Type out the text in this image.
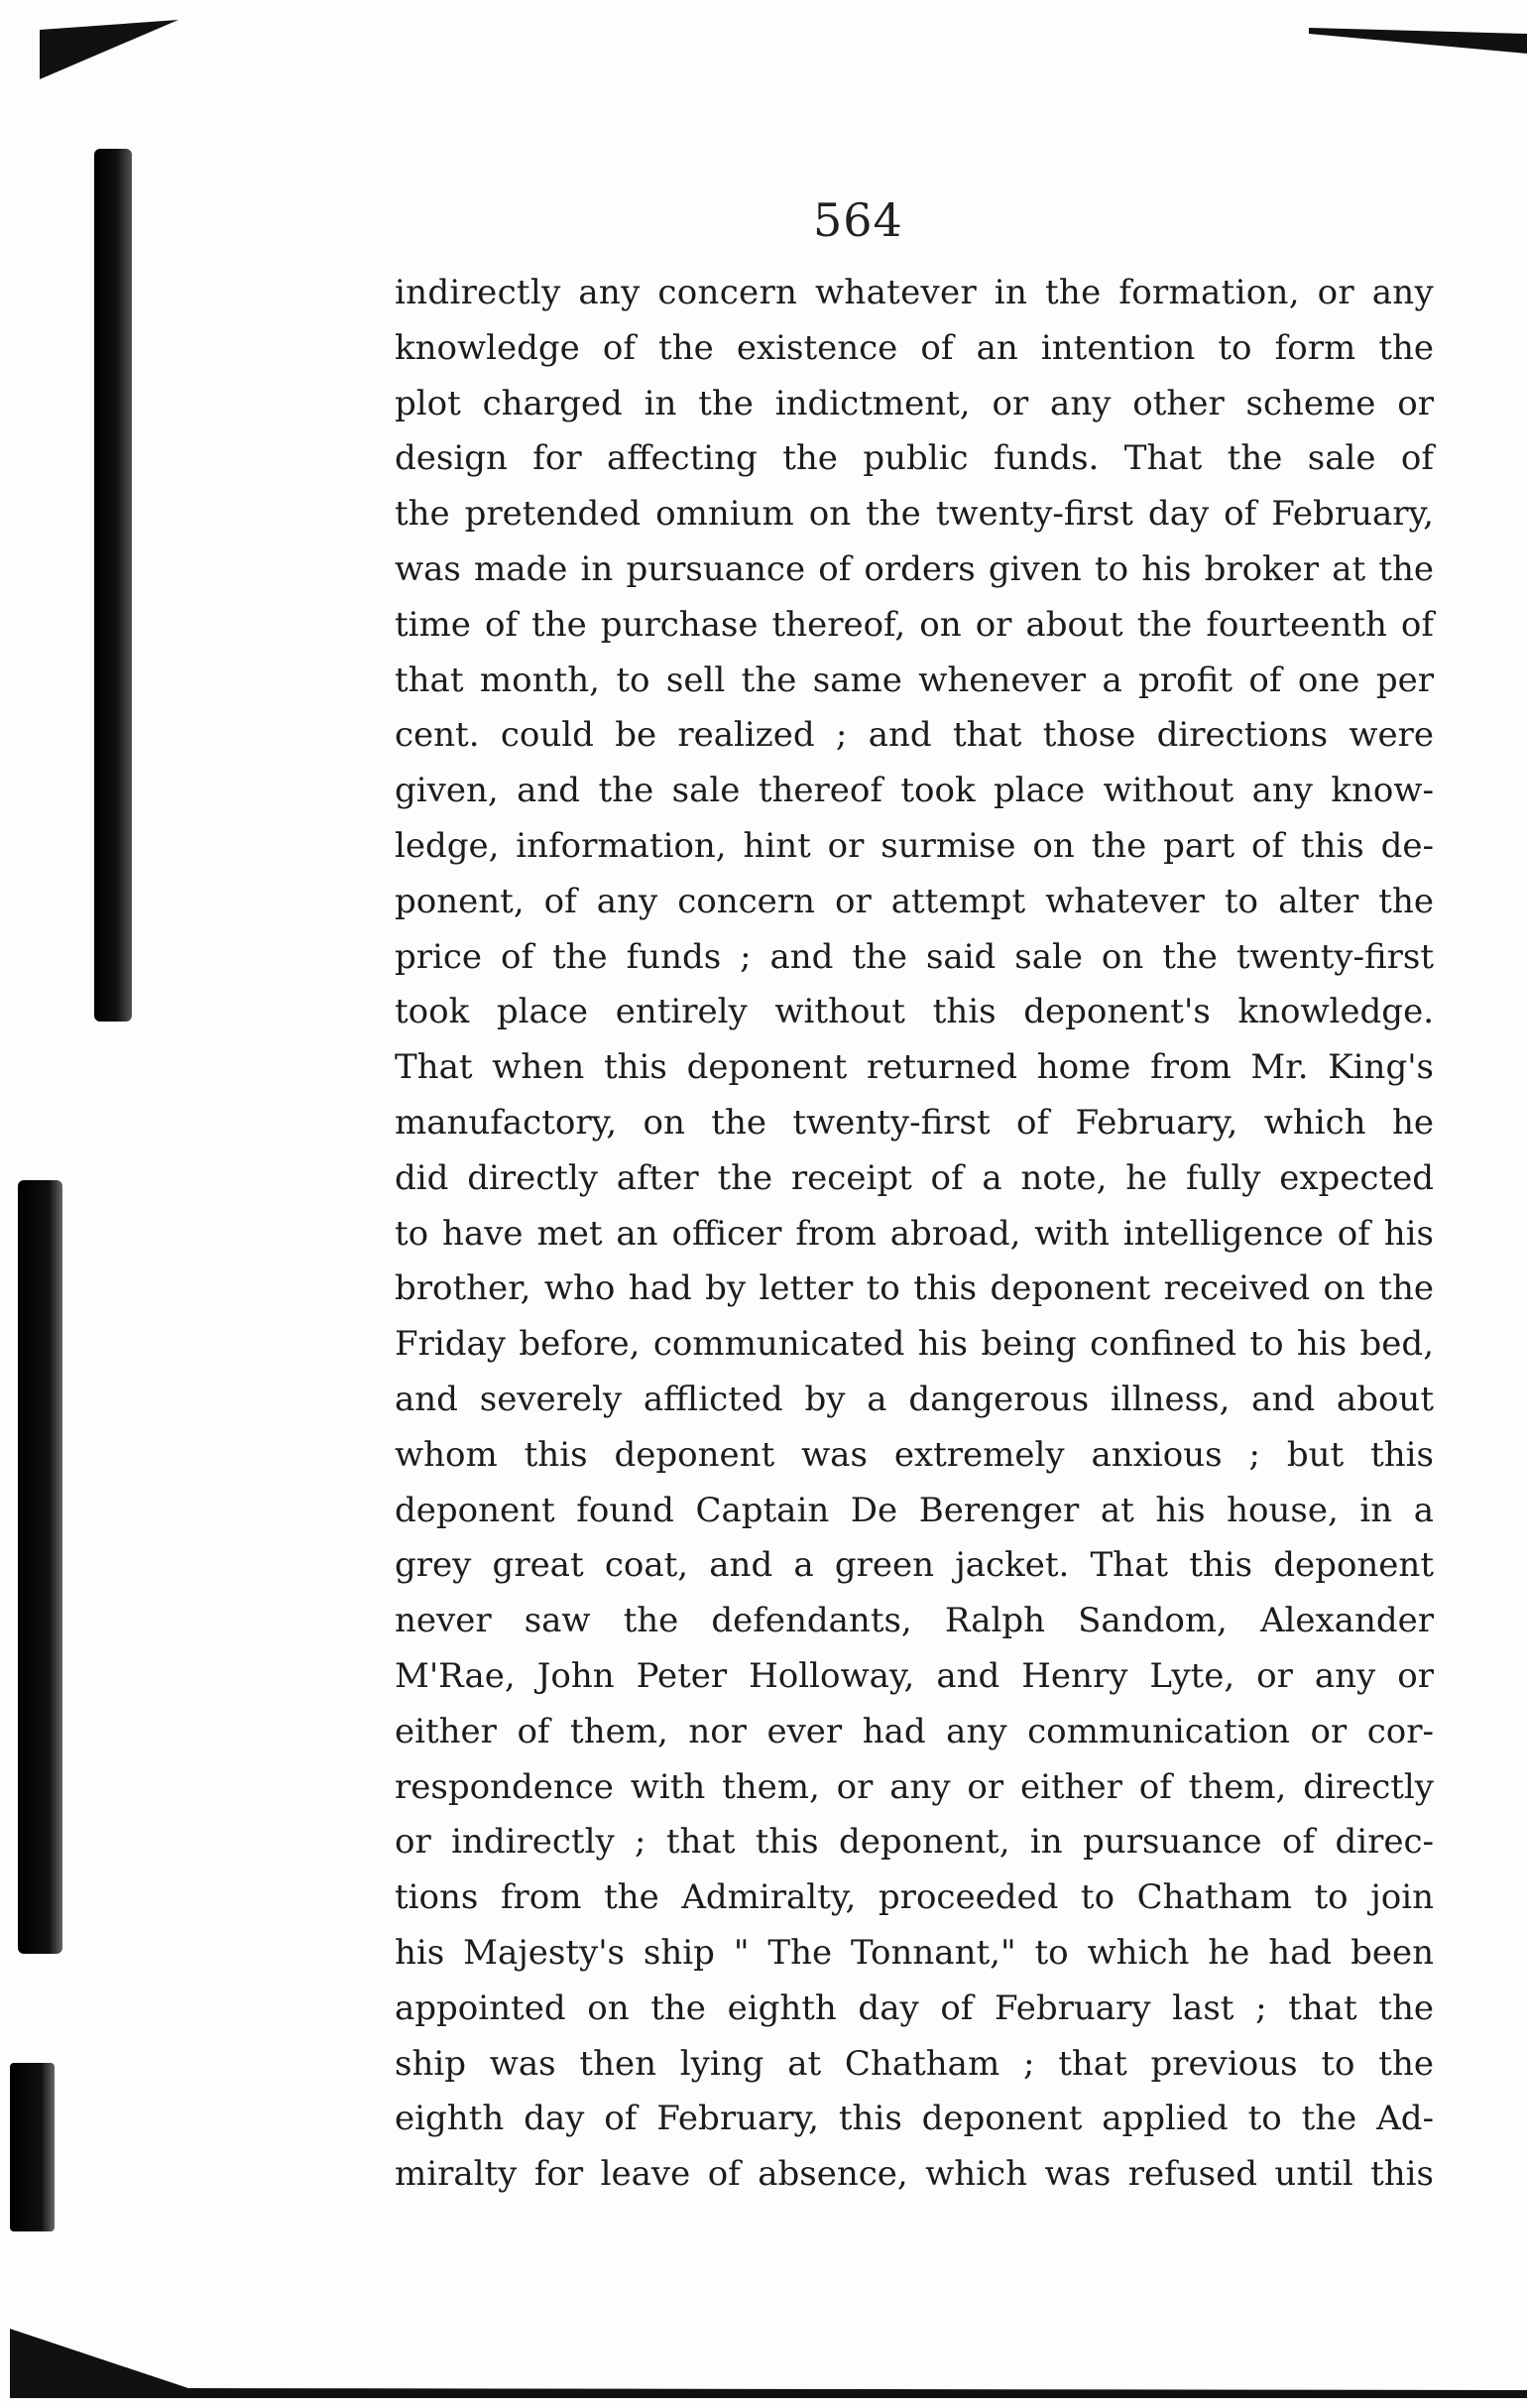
564
indirectly any concern whatever in the formation, or any
knowledge of the existence of an intention to form the
plot charged in the indictment, or any other scheme or
design for affecting the public funds. That the sale of
the pretended omnium on the twenty-first day of February,
was made in pursuance of orders given to his broker at the
time of the purchase thereof, on or about the fourteenth of
that month, to sell the same whenever a profit of one per
cent. could be realized ; and that those directions were
given, and the sale thereof took place without any know-
ledge, information, hint or surmise on the part of this de-
ponent, of any concern or attempt whatever to alter the
price of the funds ; and the said sale on the twenty-first
took place entirely without this deponent's knowledge.
That when this deponent returned home from Mr. King's
manufactory, on the twenty-first of February, which he
did directly after the receipt of a note, he fully expected
to have met an officer from abroad, with intelligence of his
brother, who had by letter to this deponent received on the
Friday before, communicated his being confined to his bed,
and severely afflicted by a dangerous illness, and about
whom this deponent was extremely anxious ; but this
deponent found Captain De Berenger at his house, in a
grey great coat, and a green jacket. That this deponent
never saw the defendants, Ralph Sandom, Alexander
M'Rae, John Peter Holloway, and Henry Lyte, or any or
either of them, nor ever had any communication or cor-
respondence with them, or any or either of them, directly
or indirectly ; that this deponent, in pursuance of direc-
tions from the Admiralty, proceeded to Chatham to join
his Majesty's ship " The Tonnant," to which he had been
appointed on the eighth day of February last ; that the
ship was then lying at Chatham ; that previous to the
eighth day of February, this deponent applied to the Ad-
miralty for leave of absence, which was refused until this
